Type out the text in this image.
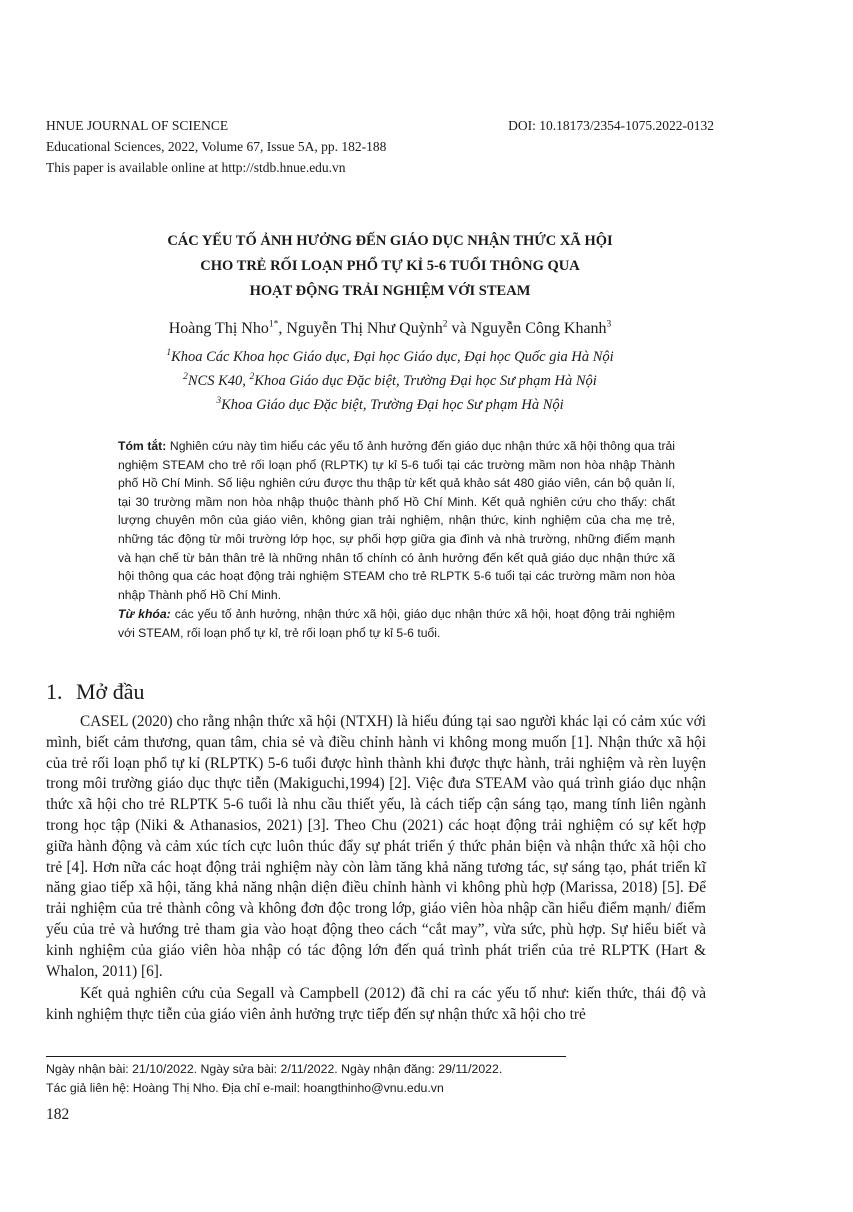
HNUE JOURNAL OF SCIENCE	DOI: 10.18173/2354-1075.2022-0132
Educational Sciences, 2022, Volume 67, Issue 5A, pp. 182-188
This paper is available online at http://stdb.hnue.edu.vn
CÁC YẾU TỐ ẢNH HƯỞNG ĐẾN GIÁO DỤC NHẬN THỨC XÃ HỘI
CHO TRẺ RỐI LOẠN PHỔ TỰ KỈ 5-6 TUỔI THÔNG QUA
HOẠT ĐỘNG TRẢI NGHIỆM VỚI STEAM
Hoàng Thị Nho$^{1*}$, Nguyễn Thị Như Quỳnh$^2$ và Nguyễn Công Khanh$^3$
$^1$Khoa Các Khoa học Giáo dục, Đại học Giáo dục, Đại học Quốc gia Hà Nội
$^2$NCS K40, $^2$Khoa Giáo dục Đặc biệt, Trường Đại học Sư phạm Hà Nội
$^3$Khoa Giáo dục Đặc biệt, Trường Đại học Sư phạm Hà Nội

Tóm tắt: Nghiên cứu này tìm hiểu các yếu tố ảnh hưởng đến giáo dục nhận thức xã hội thông qua trải nghiệm STEAM cho trẻ rối loạn phổ (RLPTK) tự kỉ 5-6 tuổi tại các trường mầm non hòa nhập Thành phố Hồ Chí Minh. Số liệu nghiên cứu được thu thập từ kết quả khảo sát 480 giáo viên, cán bộ quản lí, tại 30 trường mầm non hòa nhập thuộc thành phố Hồ Chí Minh. Kết quả nghiên cứu cho thấy: chất lượng chuyên môn của giáo viên, không gian trải nghiệm, nhận thức, kinh nghiệm của cha mẹ trẻ, những tác động từ môi trường lớp học, sự phối hợp giữa gia đình và nhà trường, những điểm mạnh và hạn chế từ bản thân trẻ là những nhân tố chính có ảnh hưởng đến kết quả giáo dục nhận thức xã hội thông qua các hoạt động trải nghiệm STEAM cho trẻ RLPTK 5-6 tuổi tại các trường mầm non hòa nhập Thành phố Hồ Chí Minh.

Từ khóa: các yếu tố ảnh hưởng, nhận thức xã hội, giáo dục nhận thức xã hội, hoạt động trải nghiệm với STEAM, rối loạn phổ tự kỉ, trẻ rối loạn phổ tự kỉ 5-6 tuổi.

1. Mở đầu

CASEL (2020) cho rằng nhận thức xã hội (NTXH) là hiểu đúng tại sao người khác lại có cảm xúc với mình, biết cảm thương, quan tâm, chia sẻ và điều chỉnh hành vi không mong muốn [1]. Nhận thức xã hội của trẻ rối loạn phổ tự kỉ (RLPTK) 5-6 tuổi được hình thành khi được thực hành, trải nghiệm và rèn luyện trong môi trường giáo dục thực tiễn (Makiguchi,1994) [2]. Việc đưa STEAM vào quá trình giáo dục nhận thức xã hội cho trẻ RLPTK 5-6 tuổi là nhu cầu thiết yếu, là cách tiếp cận sáng tạo, mang tính liên ngành trong học tập (Niki & Athanasios, 2021) [3]. Theo Chu (2021) các hoạt động trải nghiệm có sự kết hợp giữa hành động và cảm xúc tích cực luôn thúc đẩy sự phát triển ý thức phản biện và nhận thức xã hội cho trẻ [4]. Hơn nữa các hoạt động trải nghiệm này còn làm tăng khả năng tương tác, sự sáng tạo, phát triển kĩ năng giao tiếp xã hội, tăng khả năng nhận diện điều chỉnh hành vi không phù hợp (Marissa, 2018) [5]. Để trải nghiệm của trẻ thành công và không đơn độc trong lớp, giáo viên hòa nhập cần hiểu điểm mạnh/ điểm yếu của trẻ và hướng trẻ tham gia vào hoạt động theo cách “cắt may”, vừa sức, phù hợp. Sự hiểu biết và kinh nghiệm của giáo viên hòa nhập có tác động lớn đến quá trình phát triển của trẻ RLPTK (Hart & Whalon, 2011) [6].

Kết quả nghiên cứu của Segall và Campbell (2012) đã chỉ ra các yếu tố như: kiến thức, thái độ và kinh nghiệm thực tiễn của giáo viên ảnh hưởng trực tiếp đến sự nhận thức xã hội cho trẻ

Ngày nhận bài: 21/10/2022. Ngày sửa bài: 2/11/2022. Ngày nhận đăng: 29/11/2022.
Tác giả liên hệ: Hoàng Thị Nho. Địa chỉ e-mail: hoangthinho@vnu.edu.vn
182
